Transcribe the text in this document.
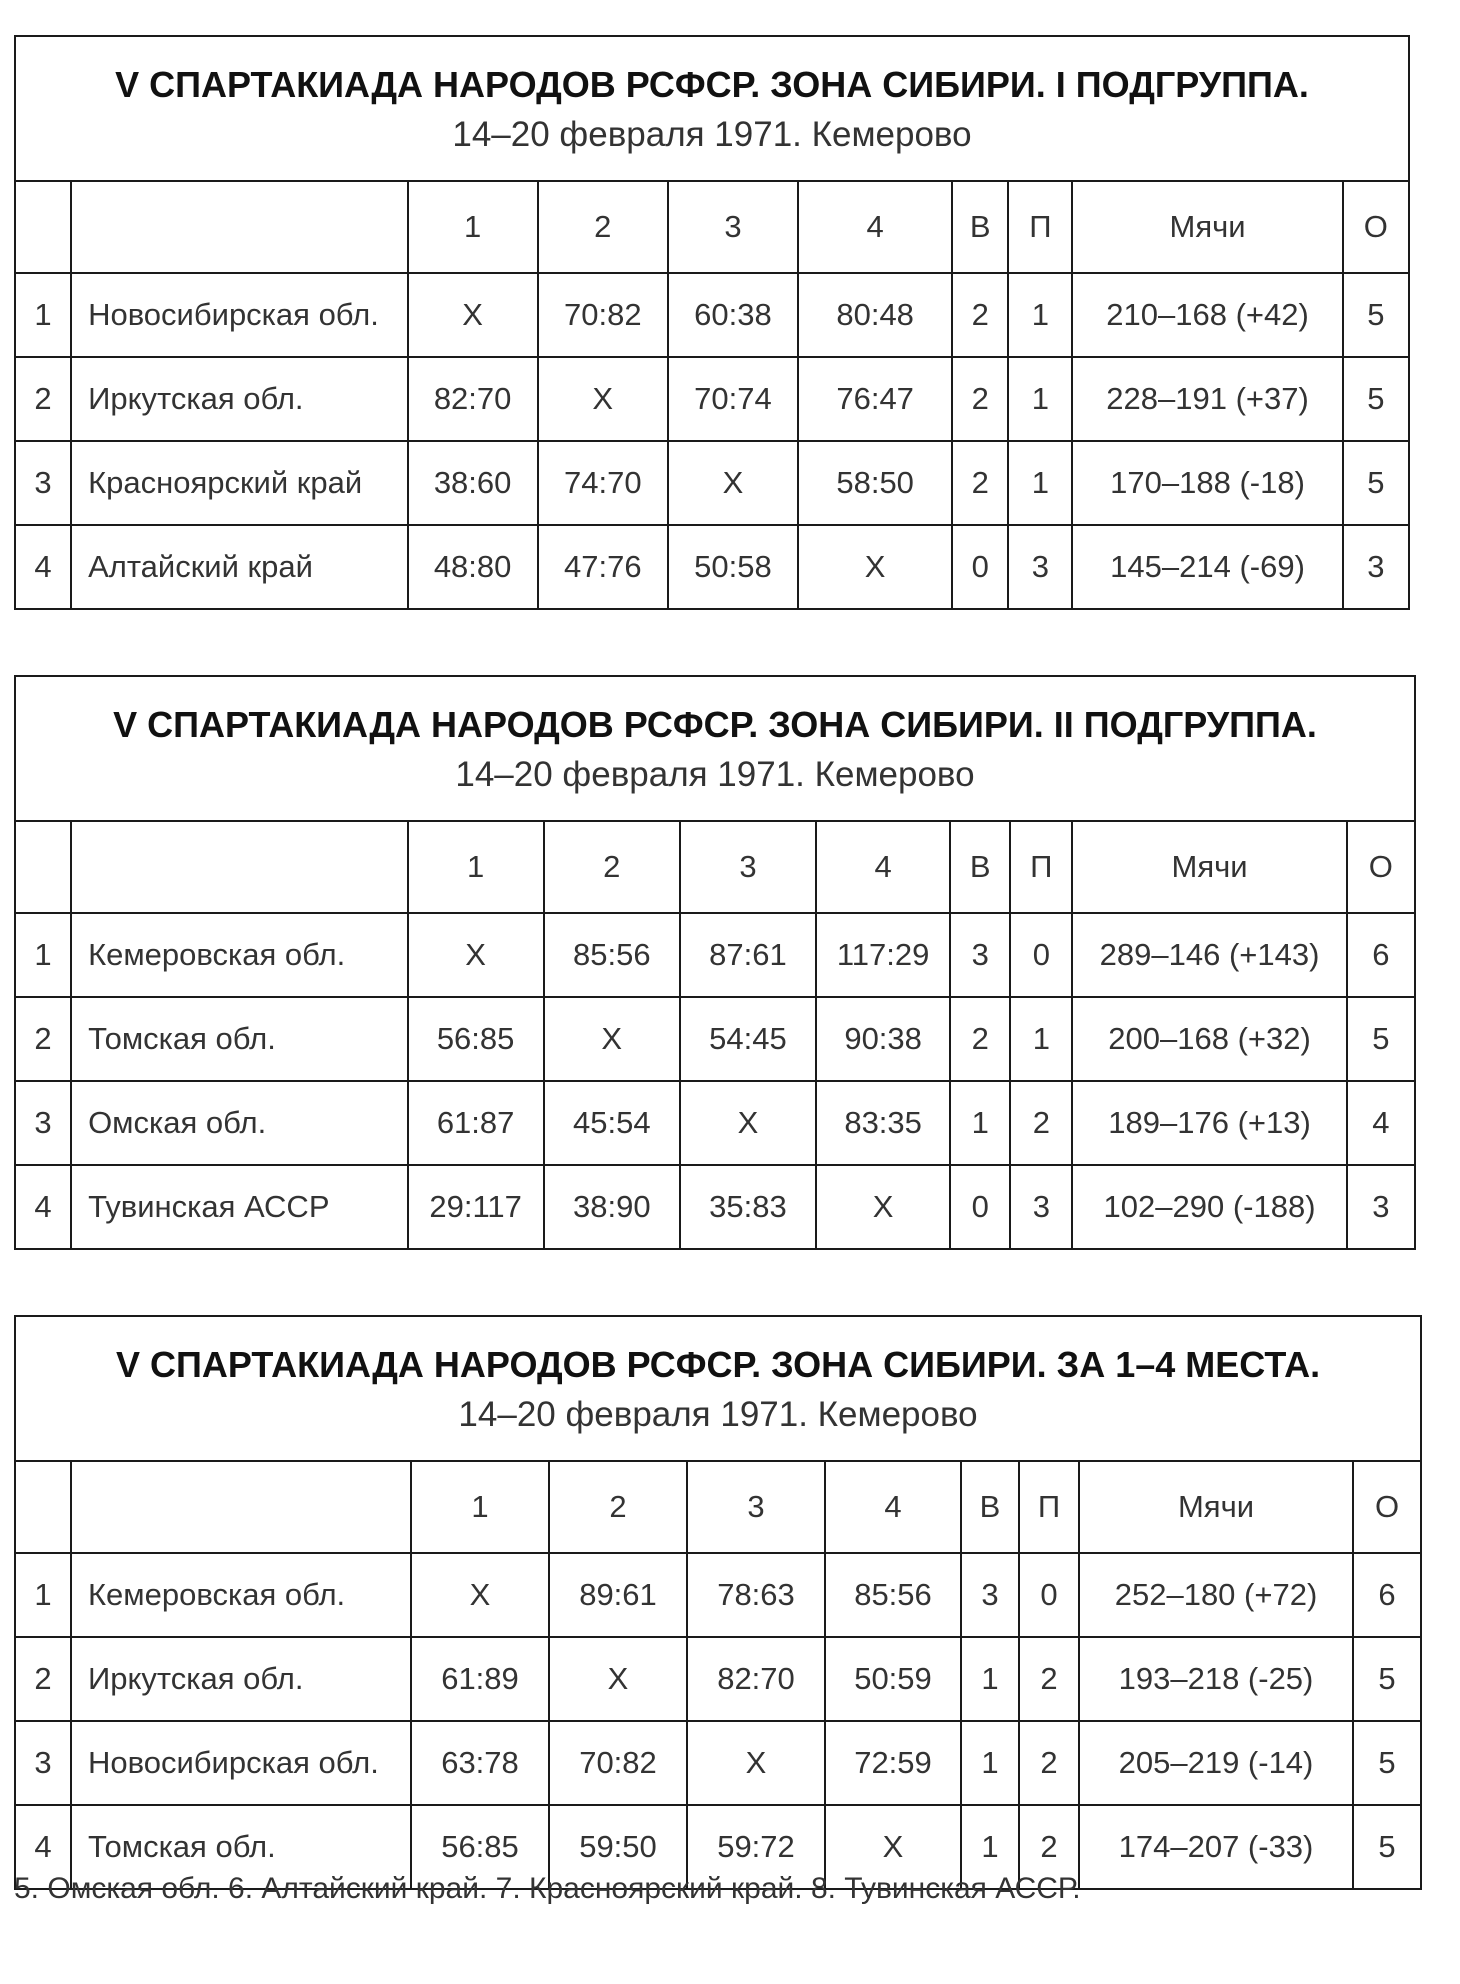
V СПАРТАКИАДА НАРОДОВ РСФСР. ЗОНА СИБИРИ. I ПОДГРУППА.
14–20 февраля 1971. Кемерово									

		1	2	3	4	В	П	Мячи	О
1	Новосибирская обл.	Х	70:82	60:38	80:48	2	1	210–168 (+42)	5
2	Иркутская обл.	82:70	Х	70:74	76:47	2	1	228–191 (+37)	5
3	Красноярский край	38:60	74:70	Х	58:50	2	1	170–188 (-18)	5
4	Алтайский край	48:80	47:76	50:58	Х	0	3	145–214 (-69)	3
V СПАРТАКИАДА НАРОДОВ РСФСР. ЗОНА СИБИРИ. II ПОДГРУППА.
14–20 февраля 1971. Кемерово									

		1	2	3	4	В	П	Мячи	О
1	Кемеровская обл.	Х	85:56	87:61	117:29	3	0	289–146 (+143)	6
2	Томская обл.	56:85	Х	54:45	90:38	2	1	200–168 (+32)	5
3	Омская обл.	61:87	45:54	Х	83:35	1	2	189–176 (+13)	4
4	Тувинская АССР	29:117	38:90	35:83	Х	0	3	102–290 (-188)	3
V СПАРТАКИАДА НАРОДОВ РСФСР. ЗОНА СИБИРИ. ЗА 1–4 МЕСТА.
14–20 февраля 1971. Кемерово									

		1	2	3	4	В	П	Мячи	О
1	Кемеровская обл.	Х	89:61	78:63	85:56	3	0	252–180 (+72)	6
2	Иркутская обл.	61:89	Х	82:70	50:59	1	2	193–218 (-25)	5
3	Новосибирская обл.	63:78	70:82	Х	72:59	1	2	205–219 (-14)	5
4	Томская обл.	56:85	59:50	59:72	Х	1	2	174–207 (-33)	5
5. Омская обл. 6. Алтайский край. 7. Красноярский край. 8. Тувинская АССР.
